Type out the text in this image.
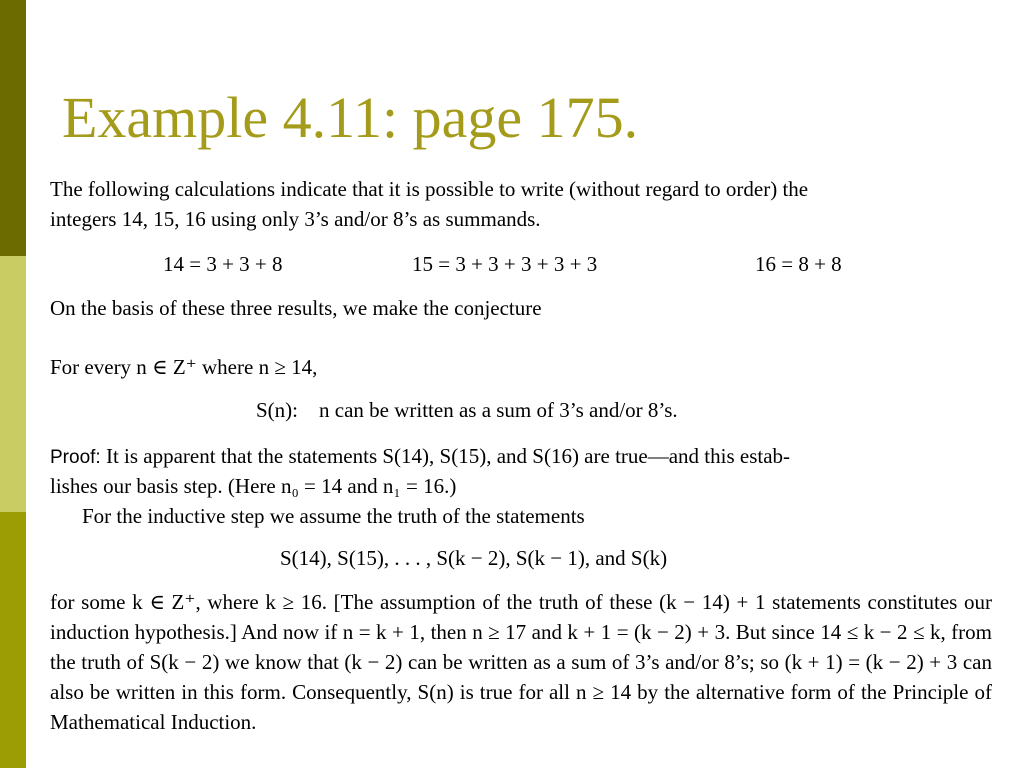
Example 4.11: page 175.
The following calculations indicate that it is possible to write (without regard to order) the
integers 14, 15, 16 using only 3’s and/or 8’s as summands.
14 = 3 + 3 + 8	15 = 3 + 3 + 3 + 3 + 3	16 = 8 + 8
On the basis of these three results, we make the conjecture
For every n ∈ Z⁺ where n ≥ 14,
S(n): n can be written as a sum of 3’s and/or 8’s.
Proof: It is apparent that the statements S(14), S(15), and S(16) are true—and this estab-
lishes our basis step. (Here n₀ = 14 and n₁ = 16.)
For the inductive step we assume the truth of the statements
S(14), S(15), . . . , S(k − 2), S(k − 1), and S(k)
for some k ∈ Z⁺, where k ≥ 16. [The assumption of the truth of these (k − 14) + 1 statements constitutes our induction hypothesis.] And now if n = k + 1, then n ≥ 17 and k + 1 = (k − 2) + 3. But since 14 ≤ k − 2 ≤ k, from the truth of S(k − 2) we know that (k − 2) can be written as a sum of 3’s and/or 8’s; so (k + 1) = (k − 2) + 3 can also be written in this form. Consequently, S(n) is true for all n ≥ 14 by the alternative form of the Principle of Mathematical Induction.
